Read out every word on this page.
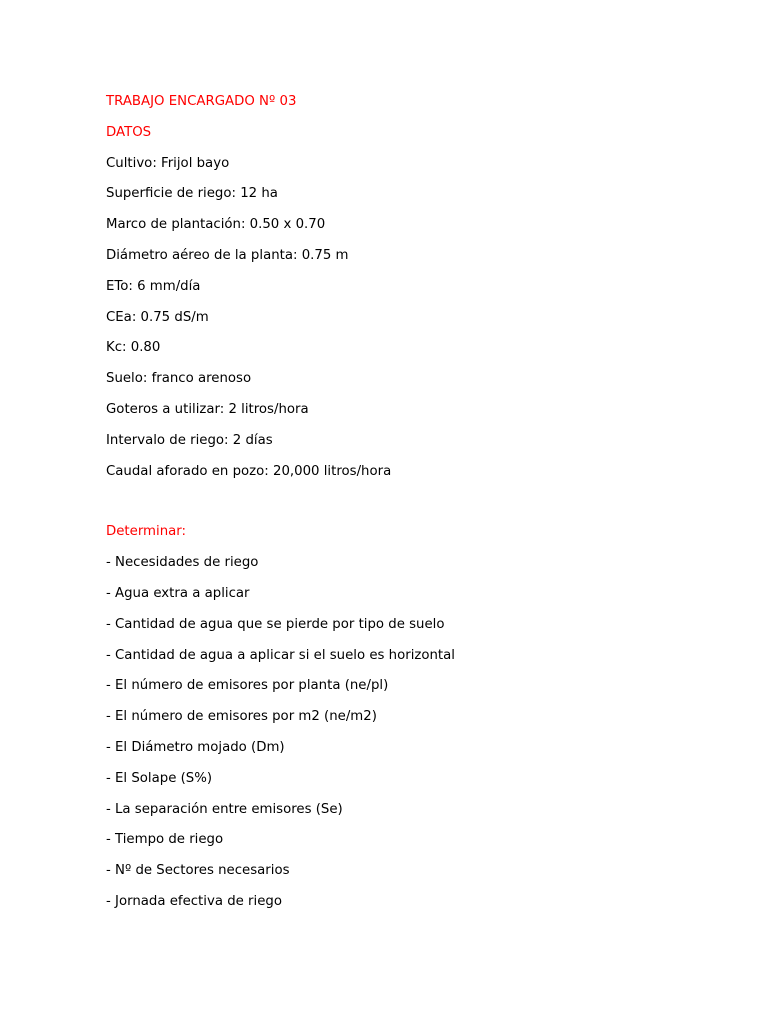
TRABAJO ENCARGADO Nº 03
DATOS
Cultivo: Frijol bayo
Superficie de riego: 12 ha
Marco de plantación: 0.50 x 0.70
Diámetro aéreo de la planta: 0.75 m
ETo: 6 mm/día
CEa: 0.75 dS/m
Kc: 0.80
Suelo: franco arenoso
Goteros a utilizar: 2 litros/hora
Intervalo de riego: 2 días
Caudal aforado en pozo: 20,000 litros/hora
Determinar:
- Necesidades de riego
- Agua extra a aplicar
- Cantidad de agua que se pierde por tipo de suelo
- Cantidad de agua a aplicar si el suelo es horizontal
- El número de emisores por planta (ne/pl)
- El número de emisores por m2 (ne/m2)
- El Diámetro mojado (Dm)
- El Solape (S%)
- La separación entre emisores (Se)
- Tiempo de riego
- Nº de Sectores necesarios
- Jornada efectiva de riego
